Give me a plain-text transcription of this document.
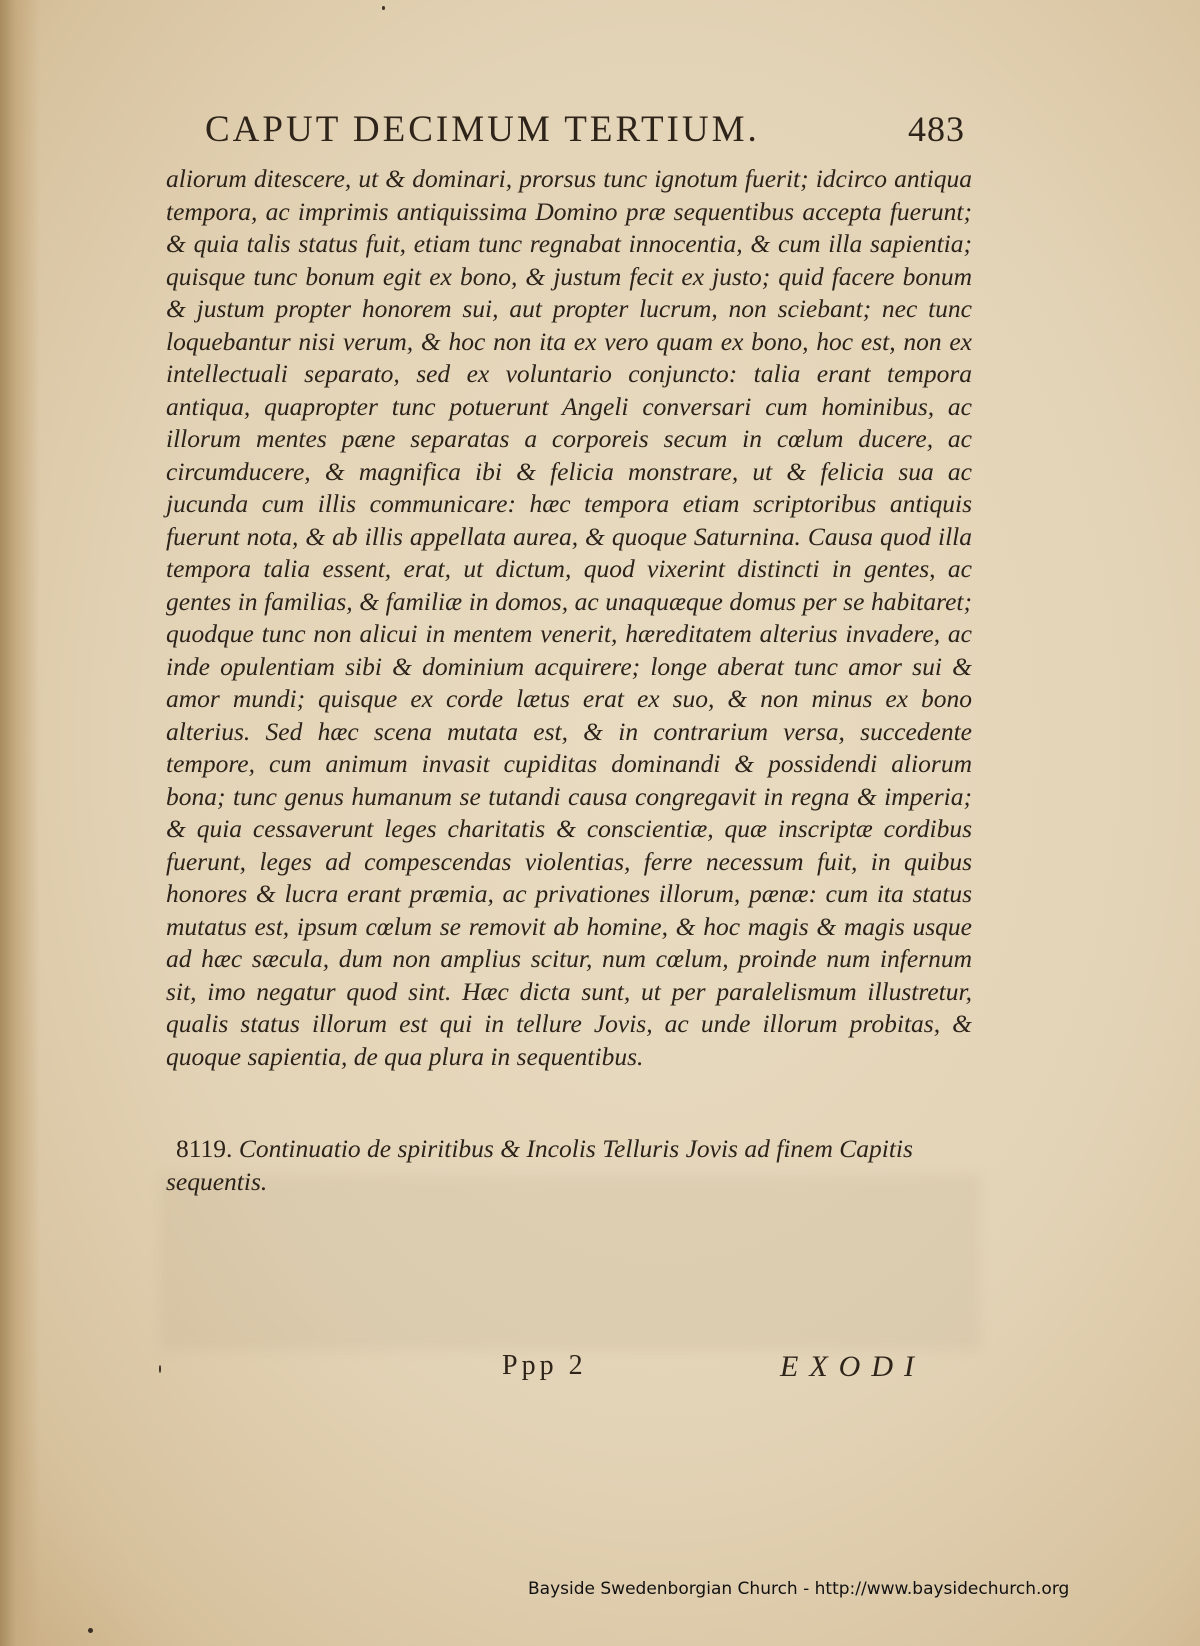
CAPUT DECIMUM TERTIUM.	483

aliorum ditescere, ut & dominari, prorsus tunc ignotum fuerit; idcirco antiqua tempora, ac imprimis antiquissima Domino præ sequentibus accepta fuerunt; & quia talis status fuit, etiam tunc regnabat innocentia, & cum illa sapientia; quisque tunc bonum egit ex bono, & justum fecit ex justo; quid facere bonum & justum propter honorem sui, aut propter lucrum, non sciebant; nec tunc loquebantur nisi verum, & hoc non ita ex vero quam ex bono, hoc est, non ex intellectuali separato, sed ex voluntario conjuncto: talia erant tempora antiqua, quapropter tunc potuerunt Angeli conversari cum hominibus, ac illorum mentes pæne separatas a corporeis secum in cœlum ducere, ac circumducere, & magnifica ibi & felicia monstrare, ut & felicia sua ac jucunda cum illis communicare: hæc tempora etiam scriptoribus antiquis fuerunt nota, & ab illis appellata aurea, & quoque Saturnina. Causa quod illa tempora talia essent, erat, ut dictum, quod vixerint distincti in gentes, ac gentes in familias, & familiæ in domos, ac unaquæque domus per se habitaret; quodque tunc non alicui in mentem venerit, hæreditatem alterius invadere, ac inde opulentiam sibi & dominium acquirere; longe aberat tunc amor sui & amor mundi; quisque ex corde lætus erat ex suo, & non minus ex bono alterius. Sed hæc scena mutata est, & in contrarium versa, succedente tempore, cum animum invasit cupiditas dominandi & possidendi aliorum bona; tunc genus humanum se tutandi causa congregavit in regna & imperia; & quia cessaverunt leges charitatis & conscientiæ, quæ inscriptæ cordibus fuerunt, leges ad compescendas violentias, ferre necessum fuit, in quibus honores & lucra erant præmia, ac privationes illorum, pænæ: cum ita status mutatus est, ipsum cœlum se removit ab homine, & hoc magis & magis usque ad hæc sæcula, dum non amplius scitur, num cœlum, proinde num infernum sit, imo negatur quod sint. Hæc dicta sunt, ut per paralelismum illustretur, qualis status illorum est qui in tellure Jovis, ac unde illorum probitas, & quoque sapientia, de qua plura in sequentibus.

8119. Continuatio de spiritibus & Incolis Telluris Jovis ad finem Capitis sequentis.

Ppp 2	EXODI
Bayside Swedenborgian Church - http://www.baysidechurch.org
